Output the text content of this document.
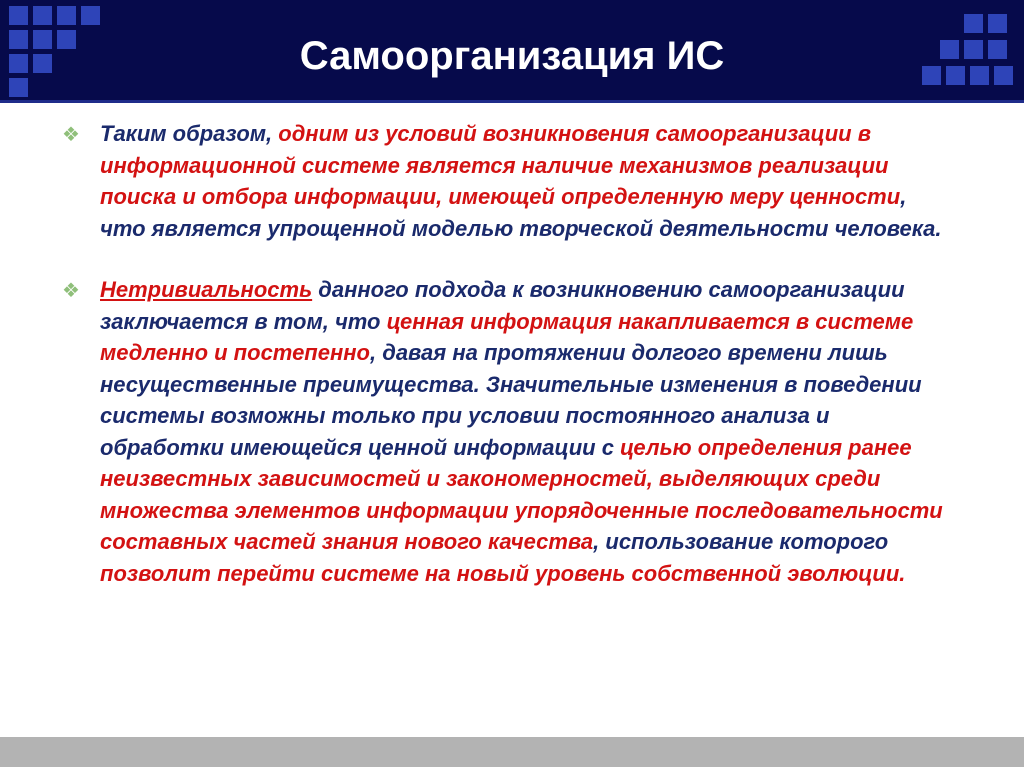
Самоорганизация ИС
❖ Таким образом, одним из условий возникновения самоорганизации в информационной системе является наличие механизмов реализации поиска и отбора информации, имеющей определенную меру ценности, что является упрощенной моделью творческой деятельности человека.
❖ Нетривиальность данного подхода к возникновению самоорганизации заключается в том, что ценная информация накапливается в системе медленно и постепенно, давая на протяжении долгого времени лишь несущественные преимущества. Значительные изменения в поведении системы возможны только при условии постоянного анализа и обработки имеющейся ценной информации с целью определения ранее неизвестных зависимостей и закономерностей, выделяющих среди множества элементов информации упорядоченные последовательности составных частей знания нового качества, использование которого позволит перейти системе на новый уровень собственной эволюции.
